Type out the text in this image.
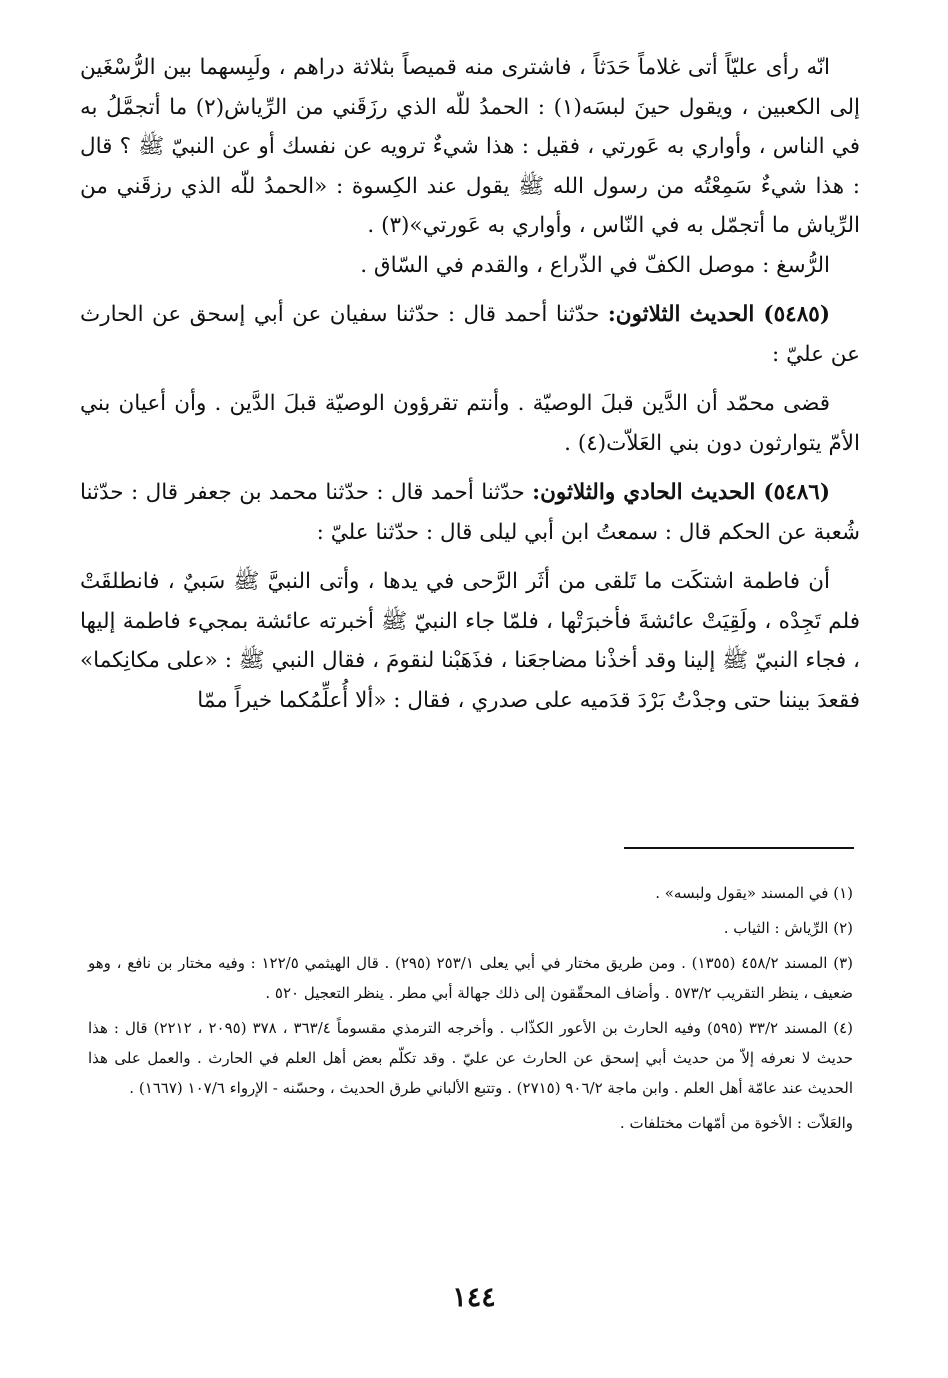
انّه رأى عليّاً أتى غلاماً حَدَثاً ، فاشترى منه قميصاً بثلاثة دراهم ، ولَبِسهما بين الرُّسْغَين إلى الكعبين ، ويقول حينَ لبسَه(١) : الحمدُ للّه الذي رزَقَني من الرِّياش(٢) ما أتجمَّلُ به في الناس ، وأواري به عَورتي ، فقيل : هذا شيءٌ ترويه عن نفسك أو عن النبيّ ﷺ ؟ قال : هذا شيءٌ سَمِعْتُه من رسول الله ﷺ يقول عند الكِسوة : «الحمدُ للّه الذي رزقَني من الرِّياش ما أتجمّل به في النّاس ، وأواري به عَورتي»(٣) .

الرُّسغ : موصل الكفّ في الذّراع ، والقدم في السّاق .

(٥٤٨٥) الحديث الثلاثون: حدّثنا أحمد قال : حدّثنا سفيان عن أبي إسحق عن الحارث عن عليّ :

قضى محمّد أن الدَّين قبلَ الوصيّة . وأنتم تقرؤون الوصيّة قبلَ الدَّين . وأن أعيان بني الأمّ يتوارثون دون بني العَلاّت(٤) .

(٥٤٨٦) الحديث الحادي والثلاثون: حدّثنا أحمد قال : حدّثنا محمد بن جعفر قال : حدّثنا شُعبة عن الحكم قال : سمعتُ ابن أبي ليلى قال : حدّثنا عليّ :

أن فاطمة اشتكَت ما تَلقى من أثَر الرَّحى في يدها ، وأتى النبيَّ ﷺ سَبيٌ ، فانطلقَتْ فلم تَجِدْه ، ولَقِيَتْ عائشةَ فأخبرَتْها ، فلمّا جاء النبيّ ﷺ أخبرته عائشة بمجيء فاطمة إليها ، فجاء النبيّ ﷺ إلينا وقد أخذْنا مضاجعَنا ، فذَهَبْنا لنقومَ ، فقال النبي ﷺ : «على مكانِكما» فقعدَ بيننا حتى وجدْتُ بَرْدَ قدَميه على صدري ، فقال : «ألا أُعلِّمُكما خيراً ممّا

(١) في المسند «يقول ولبسه» .

(٢) الرِّياش : الثياب .

(٣) المسند ٤٥٨/٢ (١٣٥٥) . ومن طريق مختار في أبي يعلى ٢٥٣/١ (٢٩٥) . قال الهيثمي ١٢٢/٥ : وفيه مختار بن نافع ، وهو ضعيف ، ينظر التقريب ٥٧٣/٢ . وأضاف المحقّقون إلى ذلك جهالة أبي مطر . ينظر التعجيل ٥٢٠ .

(٤) المسند ٣٣/٢ (٥٩٥) وفيه الحارث بن الأعور الكذّاب . وأخرجه الترمذي مقسوماً ٣٦٣/٤ ، ٣٧٨ (٢٠٩٥ ، ٢٢١٢) قال : هذا حديث لا نعرفه إلاّ من حديث أبي إسحق عن الحارث عن عليّ . وقد تكلّم بعض أهل العلم في الحارث . والعمل على هذا الحديث عند عامّة أهل العلم . وابن ماجة ٩٠٦/٢ (٢٧١٥) . وتتبع الألباني طرق الحديث ، وحسّنه - الإرواء ١٠٧/٦ (١٦٦٧) .

والعَلاّت : الأخوة من أمّهات مختلفات .

١٤٤
